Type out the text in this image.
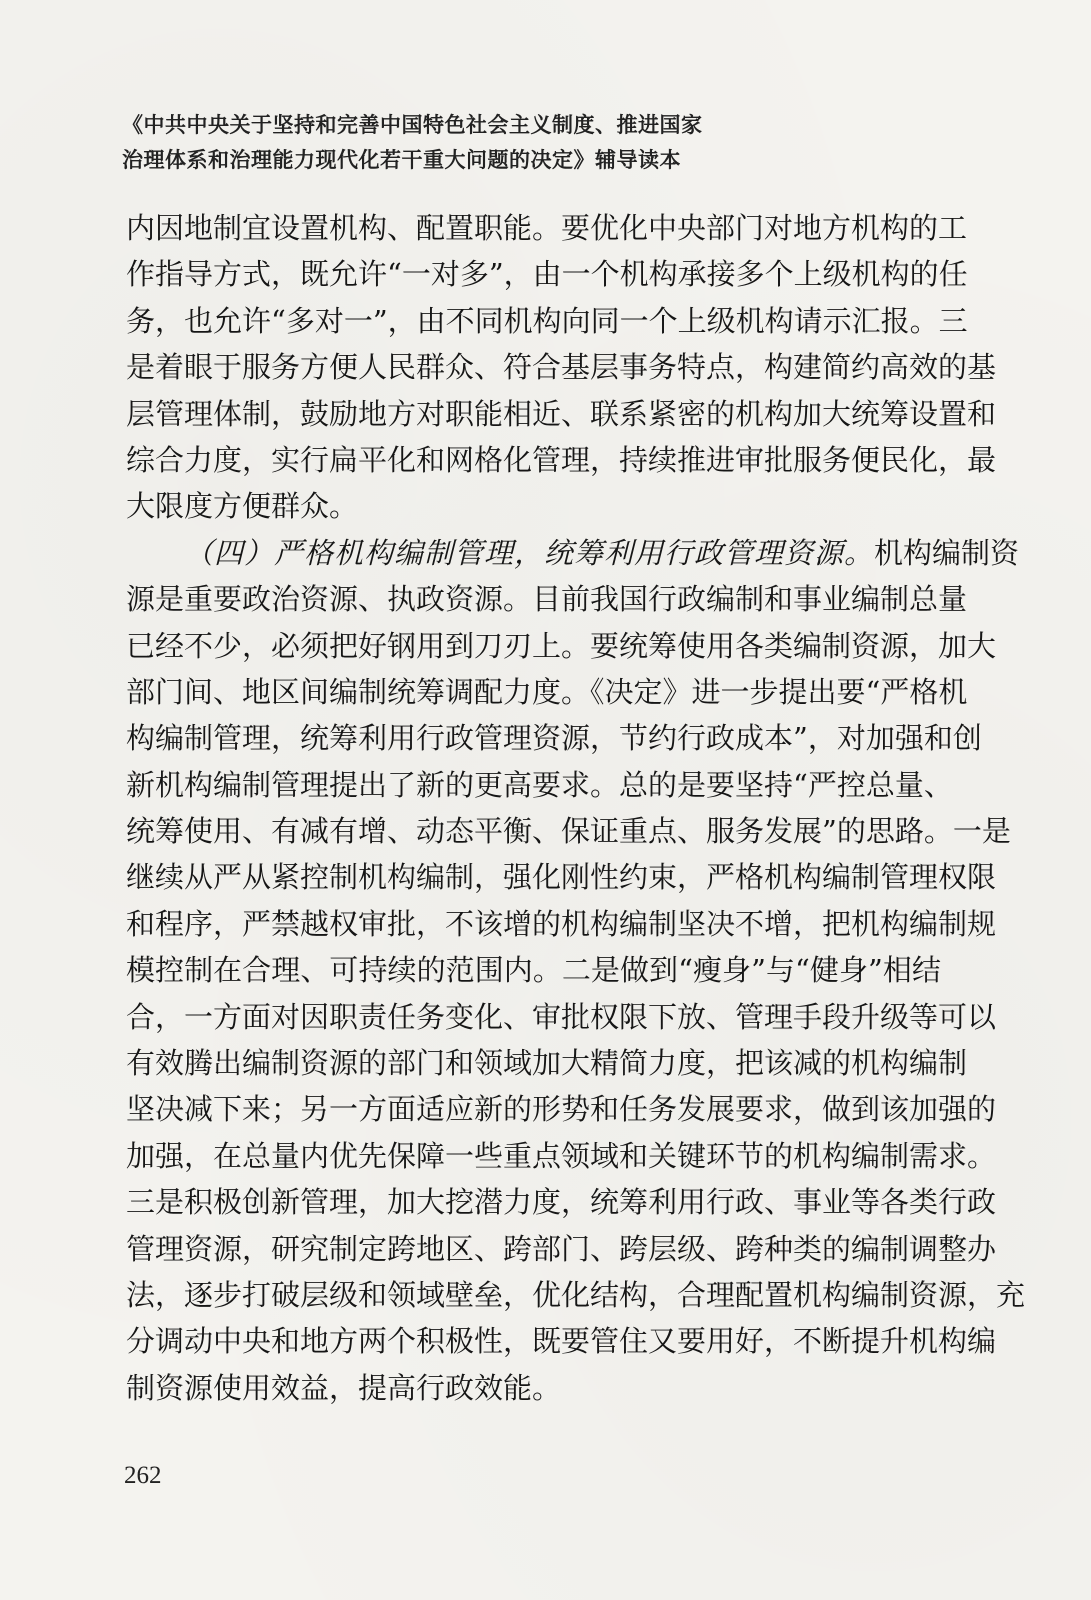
《中共中央关于坚持和完善中国特色社会主义制度、推进国家
治理体系和治理能力现代化若干重大问题的决定》辅导读本
内因地制宜设置机构、配置职能。要优化中央部门对地方机构的工
作指导方式，既允许“一对多”，由一个机构承接多个上级机构的任
务，也允许“多对一”，由不同机构向同一个上级机构请示汇报。三
是着眼于服务方便人民群众、符合基层事务特点，构建简约高效的基
层管理体制，鼓励地方对职能相近、联系紧密的机构加大统筹设置和
综合力度，实行扁平化和网格化管理，持续推进审批服务便民化，最
大限度方便群众。
（四）严格机构编制管理，统筹利用行政管理资源。机构编制资
源是重要政治资源、执政资源。目前我国行政编制和事业编制总量
已经不少，必须把好钢用到刀刃上。要统筹使用各类编制资源，加大
部门间、地区间编制统筹调配力度。《决定》进一步提出要“严格机
构编制管理，统筹利用行政管理资源，节约行政成本”，对加强和创
新机构编制管理提出了新的更高要求。总的是要坚持“严控总量、
统筹使用、有减有增、动态平衡、保证重点、服务发展”的思路。一是
继续从严从紧控制机构编制，强化刚性约束，严格机构编制管理权限
和程序，严禁越权审批，不该增的机构编制坚决不增，把机构编制规
模控制在合理、可持续的范围内。二是做到“瘦身”与“健身”相结
合，一方面对因职责任务变化、审批权限下放、管理手段升级等可以
有效腾出编制资源的部门和领域加大精简力度，把该减的机构编制
坚决减下来；另一方面适应新的形势和任务发展要求，做到该加强的
加强，在总量内优先保障一些重点领域和关键环节的机构编制需求。
三是积极创新管理，加大挖潜力度，统筹利用行政、事业等各类行政
管理资源，研究制定跨地区、跨部门、跨层级、跨种类的编制调整办
法，逐步打破层级和领域壁垒，优化结构，合理配置机构编制资源，充
分调动中央和地方两个积极性，既要管住又要用好，不断提升机构编
制资源使用效益，提高行政效能。
262
